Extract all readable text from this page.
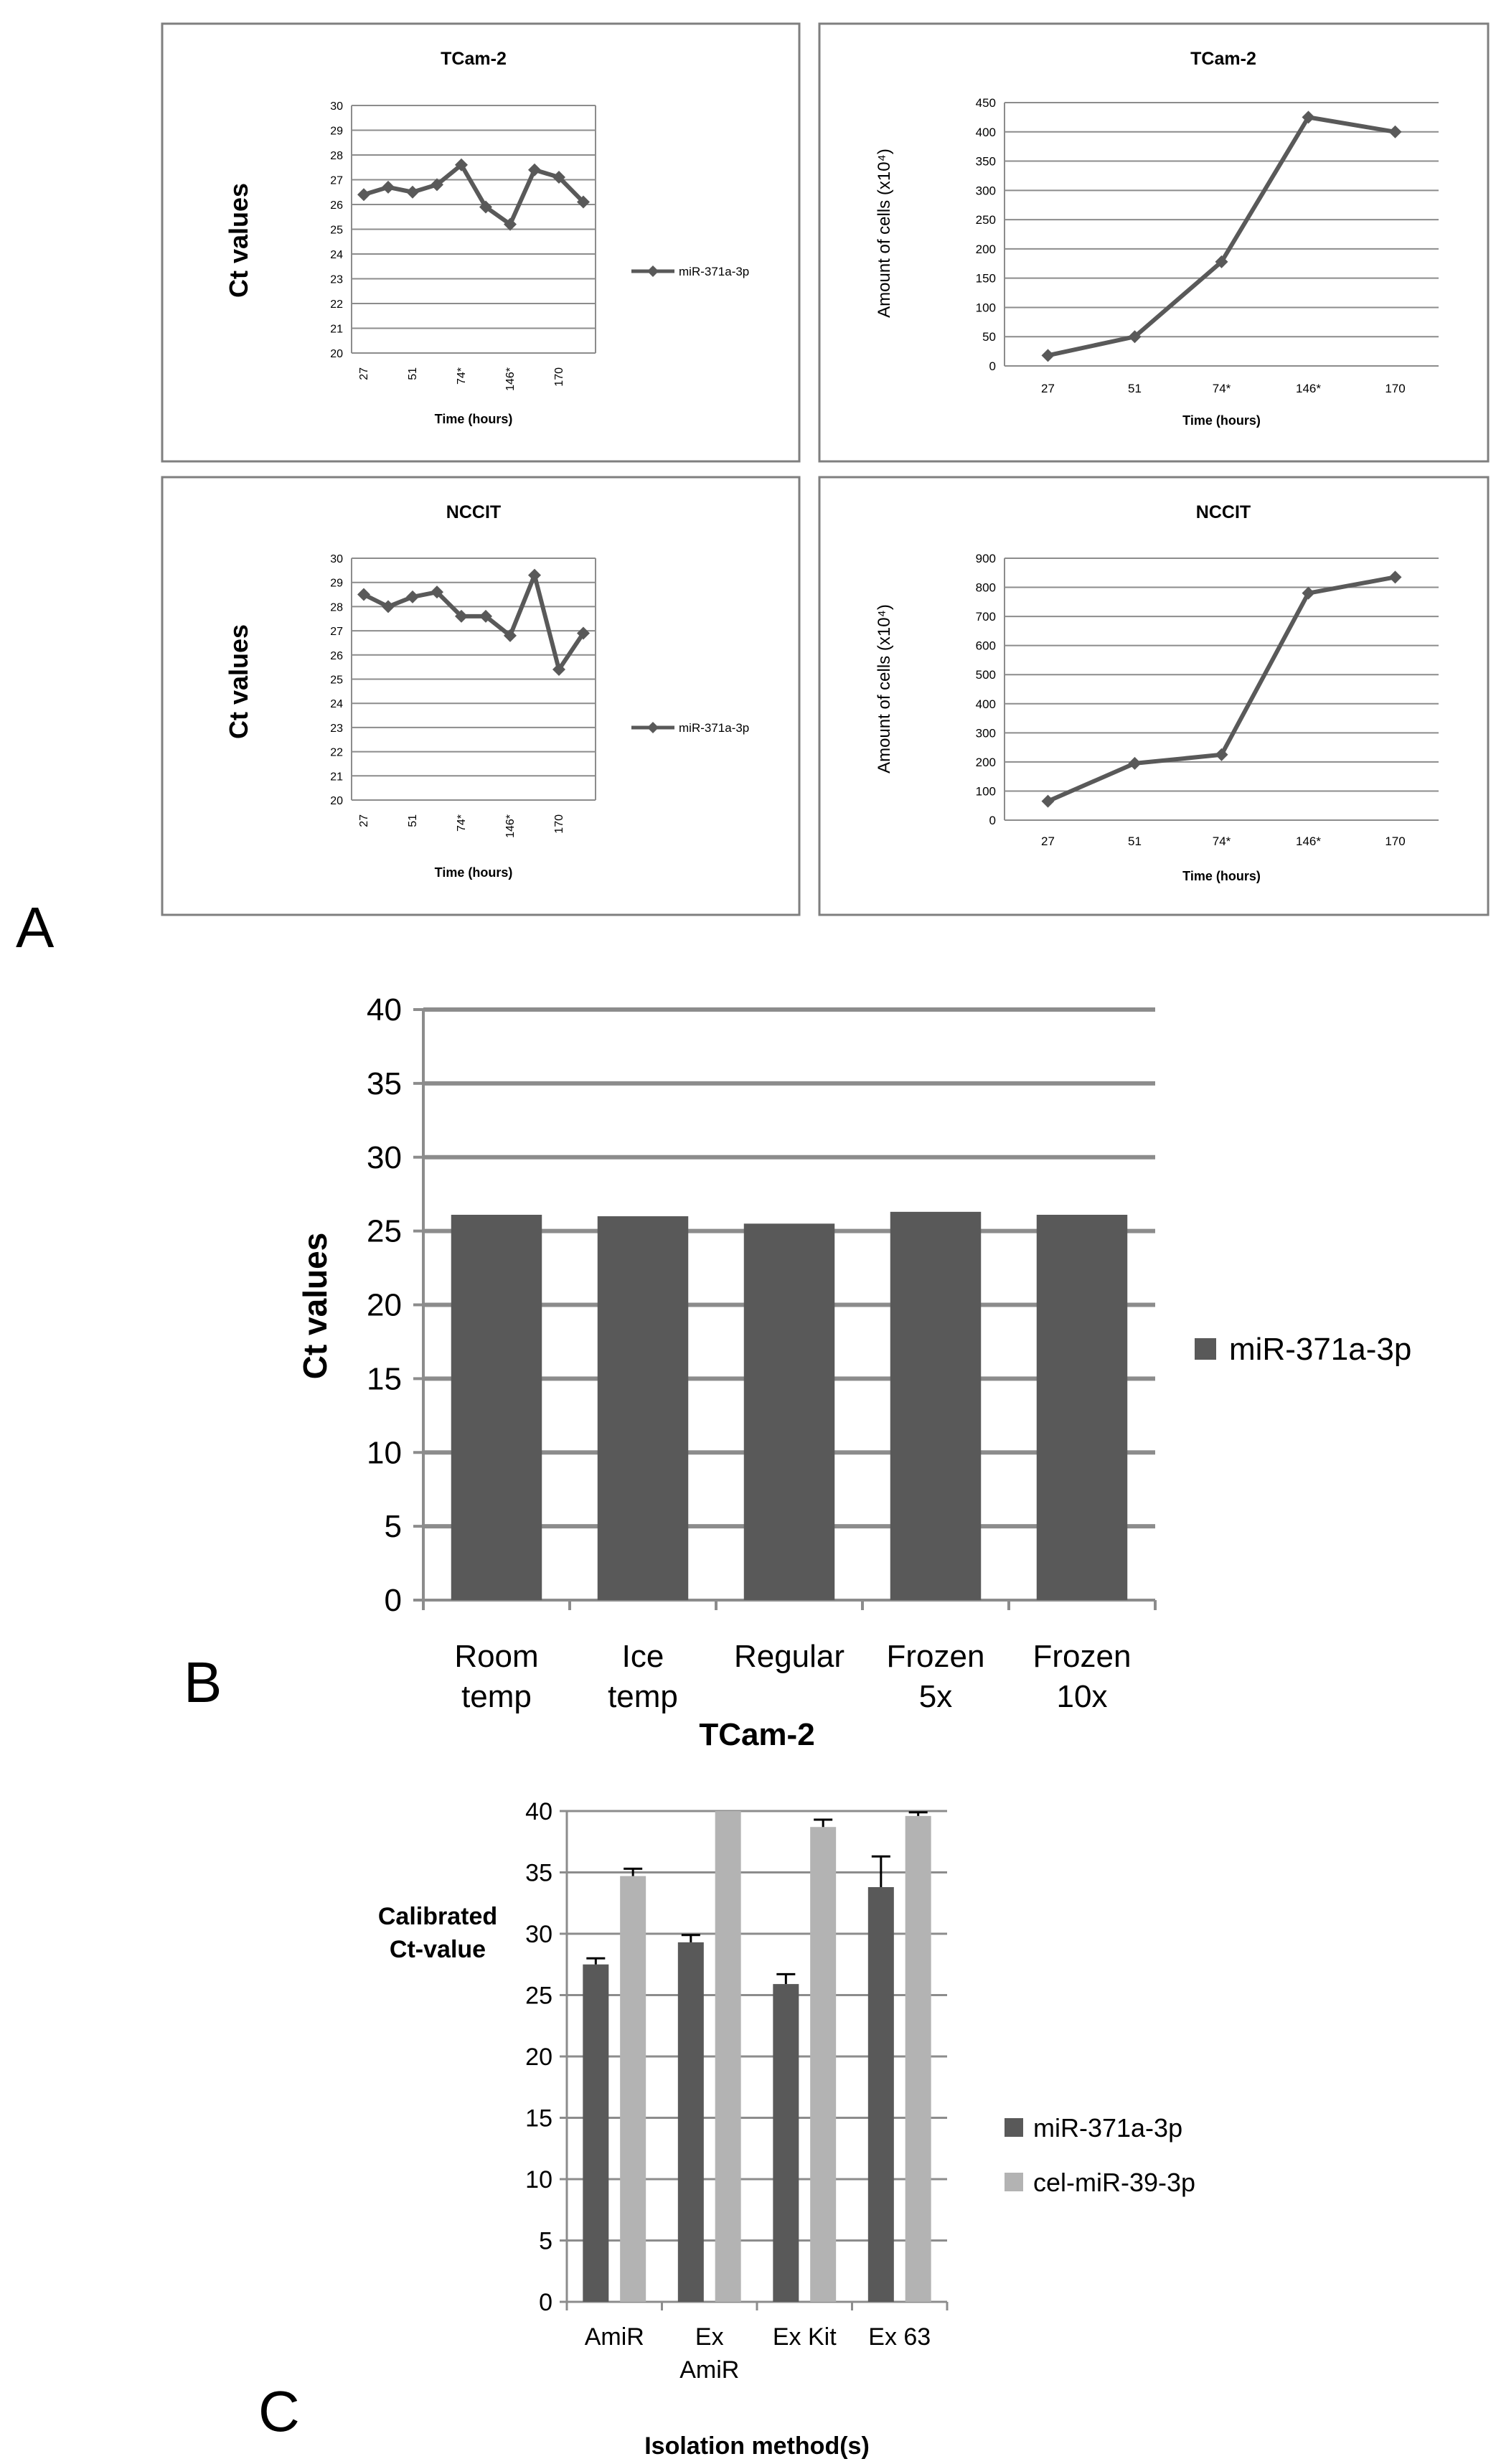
TCam-2
20
21
22
23
24
25
26
27
28
29
30
27	51	74*	146*	170
Time (hours)
Ct values	miR-371a-3p
TCam-2
0
50
100
150
200
250
300
350
400
450
27	51	74*	146*	170
Time (hours)
Amount of cells (x10⁴)
NCCIT
20
21
22
23
24
25
26
27
28
29
30
27	51	74*	146*	170
Time (hours)
Ct values	miR-371a-3p
NCCIT
0
100
200
300
400
500
600
700
800
900
27	51	74*	146*	170
Time (hours)
Amount of cells (x10⁴)
0
5
10
15
20
25
30
35
40
Ct values
Room
temp
Ice
temp
Regular Frozen
5x
Frozen
10x
miR-371a-3p
TCam-2
0
5
10
15
20
25
30
35
40
AmiR Ex
AmiR
Ex Kit Ex 63
Isolation method(s)
Calibrated
Ct-value
miR-371a-3p
cel-miR-39-3p
A
B
C
